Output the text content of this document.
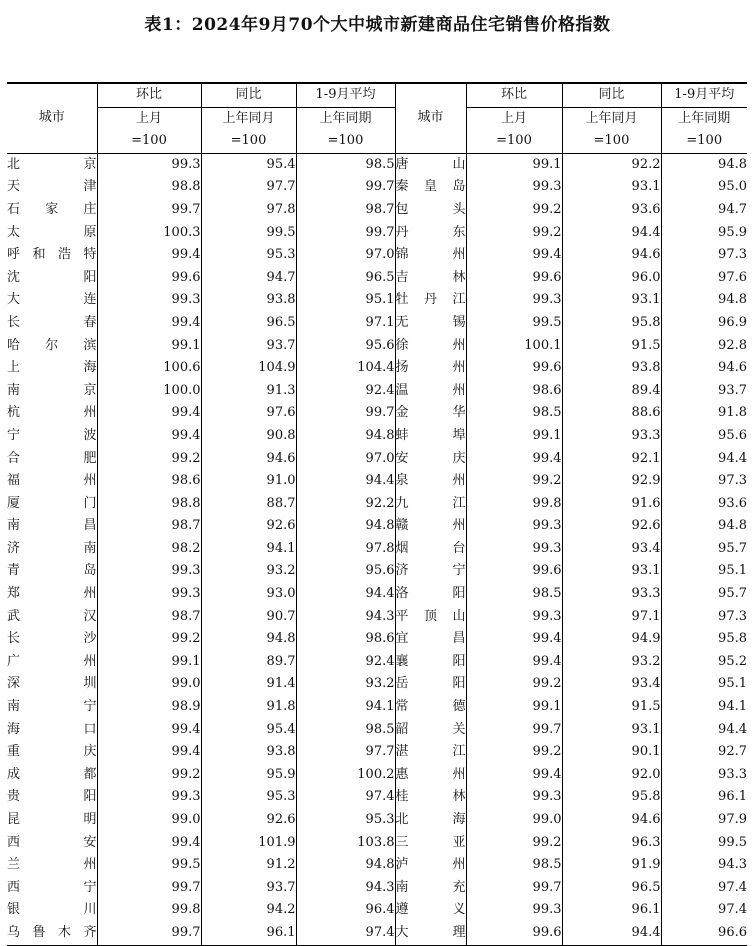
表1：2024年9月70个大中城市新建商品住宅销售价格指数
城市	环比	同比	1-9月平均	城市	环比	同比	1-9月平均
	上月	上年同月	上年同期		上月	上年同月	上年同期
	=100	=100	=100		=100	=100	=100
北京	99.3	95.4	98.5	唐山	99.1	92.2	94.8
天津	98.8	97.7	99.7	秦皇岛	99.3	93.1	95.0
石家庄	99.7	97.8	98.7	包头	99.2	93.6	94.7
太原	100.3	99.5	99.7	丹东	99.2	94.4	95.9
呼和浩特	99.4	95.3	97.0	锦州	99.4	94.6	97.3
沈阳	99.6	94.7	96.5	吉林	99.6	96.0	97.6
大连	99.3	93.8	95.1	牡丹江	99.3	93.1	94.8
长春	99.4	96.5	97.1	无锡	99.5	95.8	96.9
哈尔滨	99.1	93.7	95.6	徐州	100.1	91.5	92.8
上海	100.6	104.9	104.4	扬州	99.6	93.8	94.6
南京	100.0	91.3	92.4	温州	98.6	89.4	93.7
杭州	99.4	97.6	99.7	金华	98.5	88.6	91.8
宁波	99.4	90.8	94.8	蚌埠	99.1	93.3	95.6
合肥	99.2	94.6	97.0	安庆	99.4	92.1	94.4
福州	98.6	91.0	94.4	泉州	99.2	92.9	97.3
厦门	98.8	88.7	92.2	九江	99.8	91.6	93.6
南昌	98.7	92.6	94.8	赣州	99.3	92.6	94.8
济南	98.2	94.1	97.8	烟台	99.3	93.4	95.7
青岛	99.3	93.2	95.6	济宁	99.6	93.1	95.1
郑州	99.3	93.0	94.4	洛阳	98.5	93.3	95.7
武汉	98.7	90.7	94.3	平顶山	99.3	97.1	97.3
长沙	99.2	94.8	98.6	宜昌	99.4	94.9	95.8
广州	99.1	89.7	92.4	襄阳	99.4	93.2	95.2
深圳	99.0	91.4	93.2	岳阳	99.2	93.4	95.1
南宁	98.9	91.8	94.1	常德	99.1	91.5	94.1
海口	99.4	95.4	98.5	韶关	99.7	93.1	94.4
重庆	99.4	93.8	97.7	湛江	99.2	90.1	92.7
成都	99.2	95.9	100.2	惠州	99.4	92.0	93.3
贵阳	99.3	95.3	97.4	桂林	99.3	95.8	96.1
昆明	99.0	92.6	95.3	北海	99.0	94.6	97.9
西安	99.4	101.9	103.8	三亚	99.2	96.3	99.5
兰州	99.5	91.2	94.8	泸州	98.5	91.9	94.3
西宁	99.7	93.7	94.3	南充	99.7	96.5	97.4
银川	99.8	94.2	96.4	遵义	99.3	96.1	97.4
乌鲁木齐	99.7	96.1	97.4	大理	99.6	94.4	96.6
